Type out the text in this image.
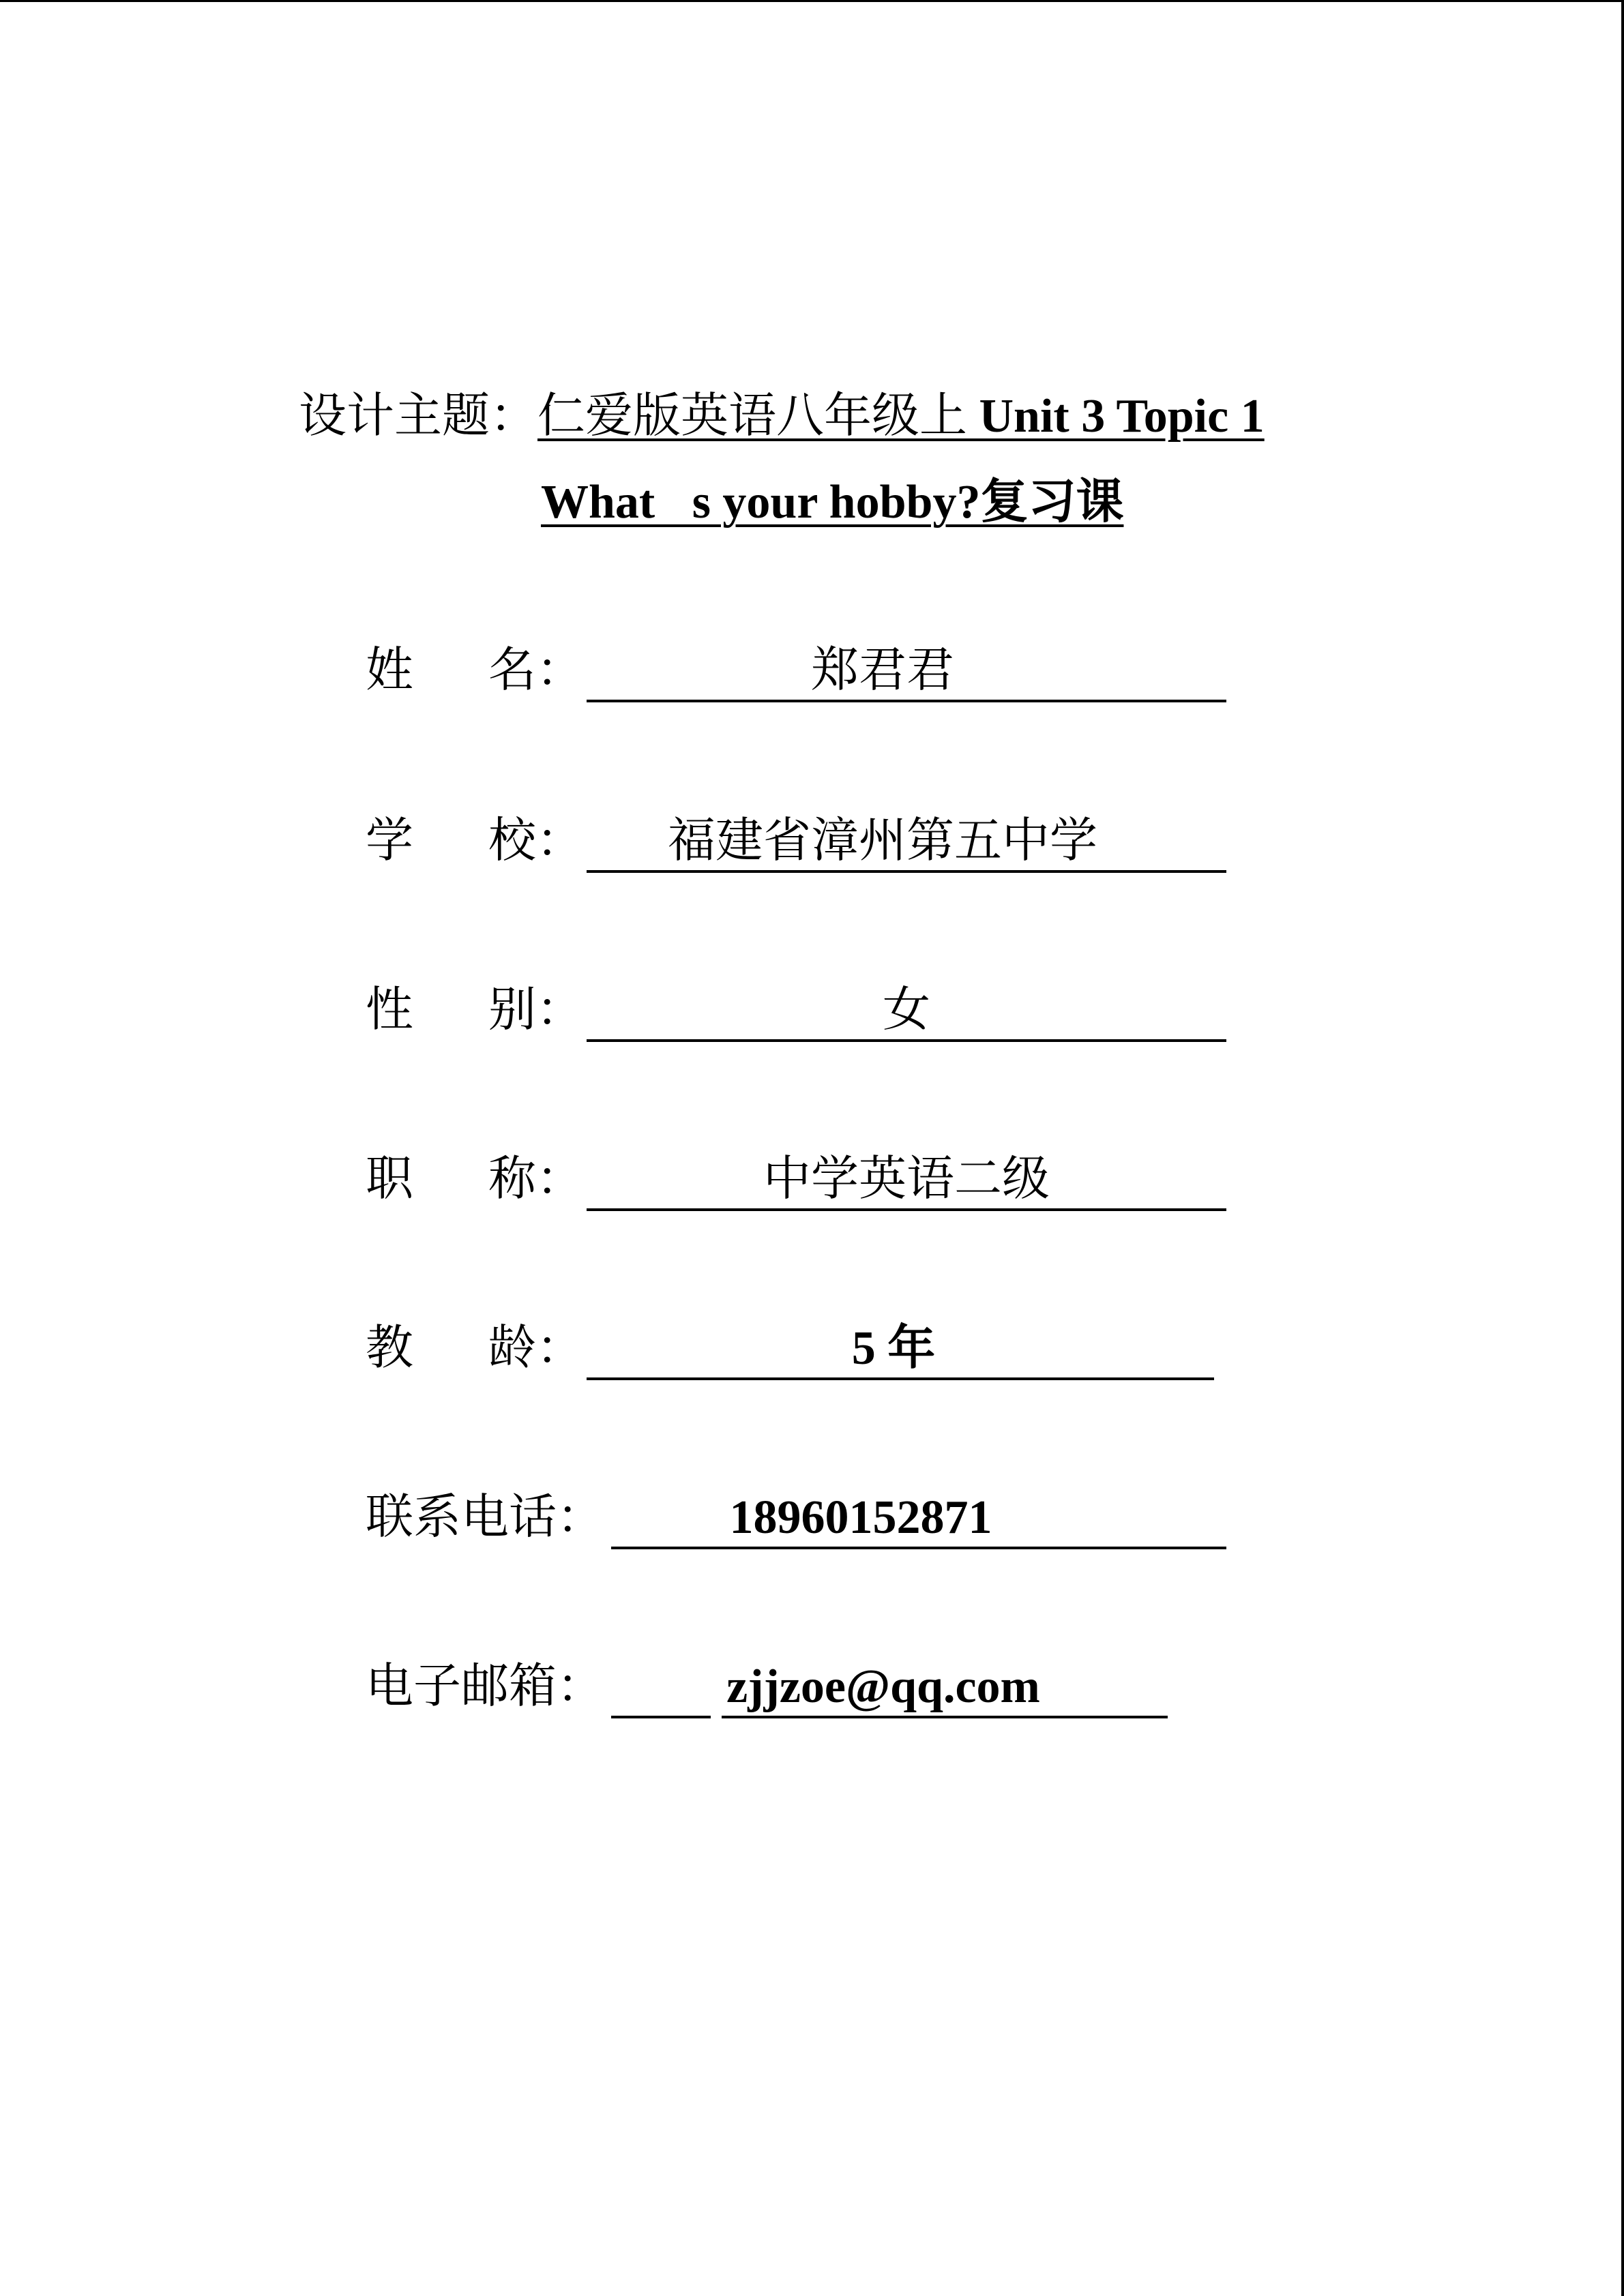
设计主题：仁爱版英语八年级上 Unit 3 Topic 1
What s your hobby?复习课
姓 名：	郑君君
学 校：	福建省漳州第五中学
性 别：	女
职 称：	中学英语二级
教 龄：	5 年
联系电话：	18960152871
电子邮箱：	zjjzoe@qq.com
